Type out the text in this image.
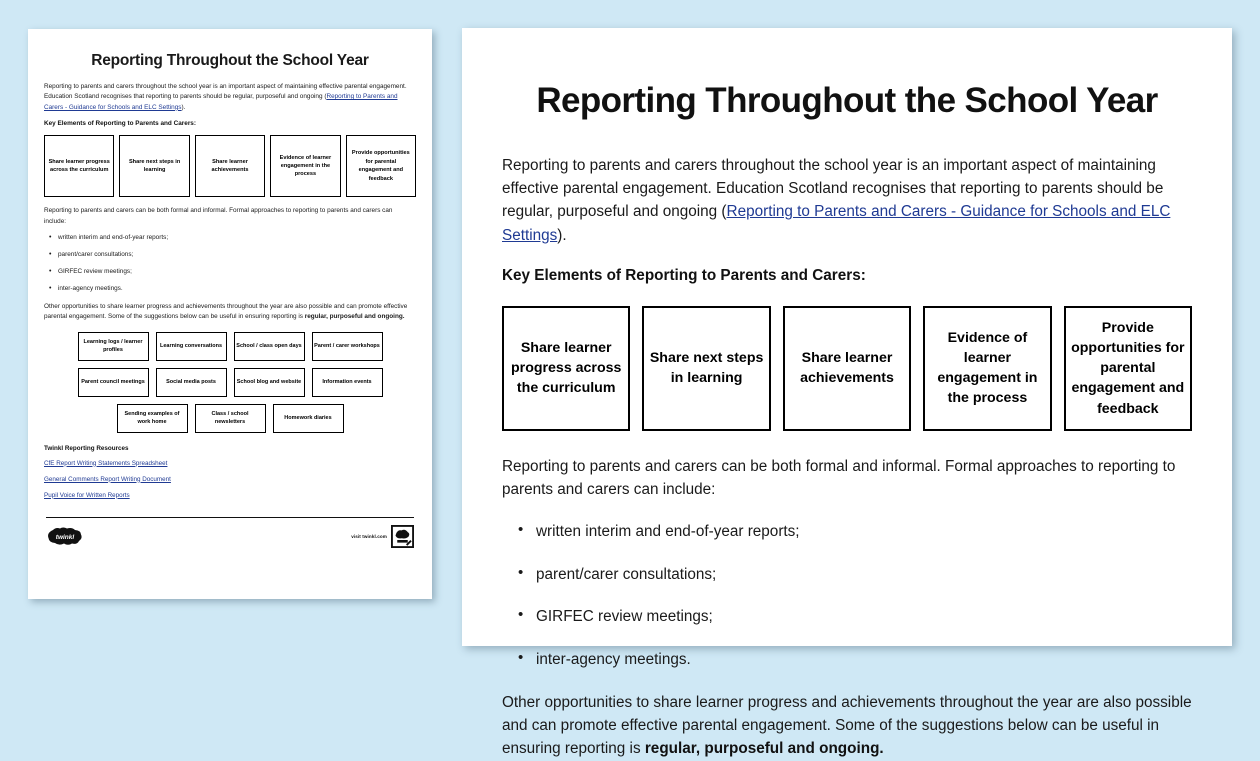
Reporting Throughout the School Year

Reporting to parents and carers throughout the school year is an important aspect of maintaining effective parental engagement. Education Scotland recognises that reporting to parents should be regular, purposeful and ongoing (Reporting to Parents and Carers - Guidance for Schools and ELC Settings).

Key Elements of Reporting to Parents and Carers:
Share learner progress across the curriculum
Share next steps in learning
Share learner achievements
Evidence of learner engagement in the process
Provide opportunities for parental engagement and feedback

Reporting to parents and carers can be both formal and informal. Formal approaches to reporting to parents and carers can include:

• written interim and end-of-year reports;
• parent/carer consultations;
• GIRFEC review meetings;
• inter-agency meetings.

Other opportunities to share learner progress and achievements throughout the year are also possible and can promote effective parental engagement. Some of the suggestions below can be useful in ensuring reporting is regular, purposeful and ongoing.

Learning logs / learner profiles
Learning conversations	School / class open days	Parent / carer workshops
Parent council meetings	Social media posts	School blog and website	Information events
Sending examples of work home
Class / school newsletters
Homework diaries
Twinkl Reporting Resources
CfE Report Writing Statements Spreadsheet
General Comments Report Writing Document
Pupil Voice for Written Reports
twinkl	visit twinkl.com
Reporting Throughout the School Year

Reporting to parents and carers throughout the school year is an important aspect of maintaining effective parental engagement. Education Scotland recognises that reporting to parents should be regular, purposeful and ongoing (Reporting to Parents and Carers - Guidance for Schools and ELC Settings).

Key Elements of Reporting to Parents and Carers:
Share learner progress across the curriculum
Share next steps in learning
Share learner achievements
Evidence of learner engagement in the process
Provide opportunities for parental engagement and feedback

Reporting to parents and carers can be both formal and informal. Formal approaches to reporting to parents and carers can include:

• written interim and end-of-year reports;
• parent/carer consultations;
• GIRFEC review meetings;
• inter-agency meetings.

Other opportunities to share learner progress and achievements throughout the year are also possible and can promote effective parental engagement. Some of the suggestions below can be useful in ensuring reporting is regular, purposeful and ongoing.
